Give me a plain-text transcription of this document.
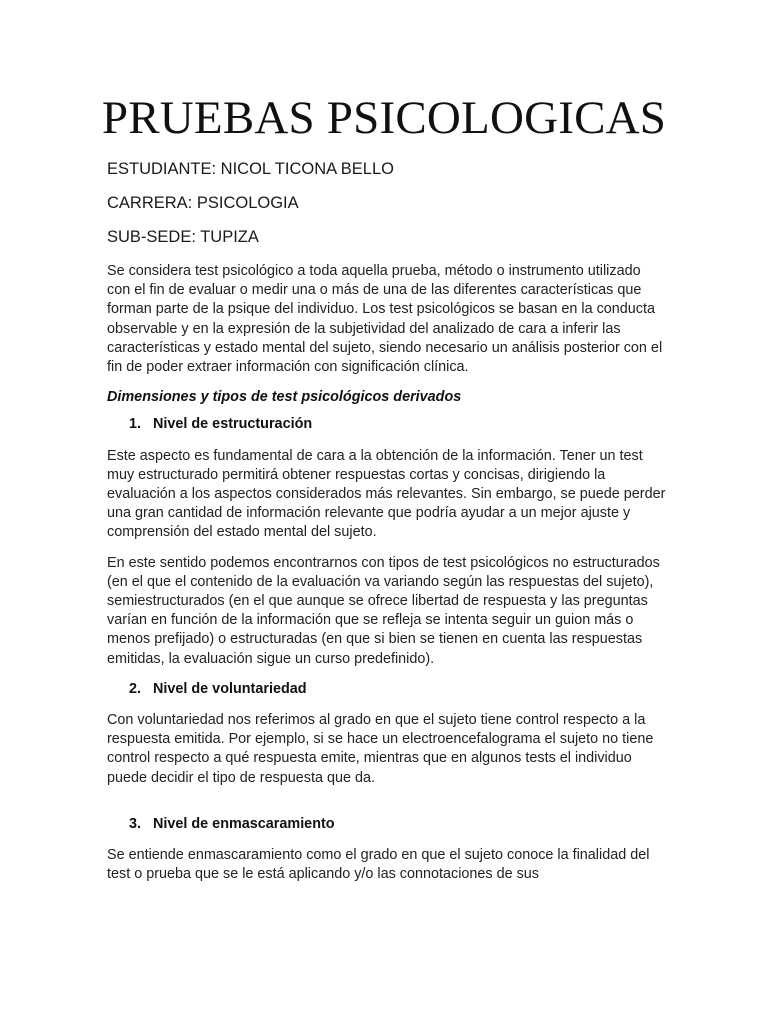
PRUEBAS PSICOLOGICAS

ESTUDIANTE: NICOL TICONA BELLO

CARRERA: PSICOLOGIA

SUB-SEDE: TUPIZA

Se considera test psicológico a toda aquella prueba, método o instrumento utilizado con el fin de evaluar o medir una o más de una de las diferentes características que forman parte de la psique del individuo. Los test psicológicos se basan en la conducta observable y en la expresión de la subjetividad del analizado de cara a inferir las características y estado mental del sujeto, siendo necesario un análisis posterior con el fin de poder extraer información con significación clínica.

Dimensiones y tipos de test psicológicos derivados

1. Nivel de estructuración

Este aspecto es fundamental de cara a la obtención de la información. Tener un test muy estructurado permitirá obtener respuestas cortas y concisas, dirigiendo la evaluación a los aspectos considerados más relevantes. Sin embargo, se puede perder una gran cantidad de información relevante que podría ayudar a un mejor ajuste y comprensión del estado mental del sujeto.

En este sentido podemos encontrarnos con tipos de test psicológicos no estructurados (en el que el contenido de la evaluación va variando según las respuestas del sujeto), semiestructurados (en el que aunque se ofrece libertad de respuesta y las preguntas varían en función de la información que se refleja se intenta seguir un guion más o menos prefijado) o estructuradas (en que si bien se tienen en cuenta las respuestas emitidas, la evaluación sigue un curso predefinido).

2. Nivel de voluntariedad

Con voluntariedad nos referimos al grado en que el sujeto tiene control respecto a la respuesta emitida. Por ejemplo, si se hace un electroencefalograma el sujeto no tiene control respecto a qué respuesta emite, mientras que en algunos tests el individuo puede decidir el tipo de respuesta que da.

3. Nivel de enmascaramiento

Se entiende enmascaramiento como el grado en que el sujeto conoce la finalidad del test o prueba que se le está aplicando y/o las connotaciones de sus
